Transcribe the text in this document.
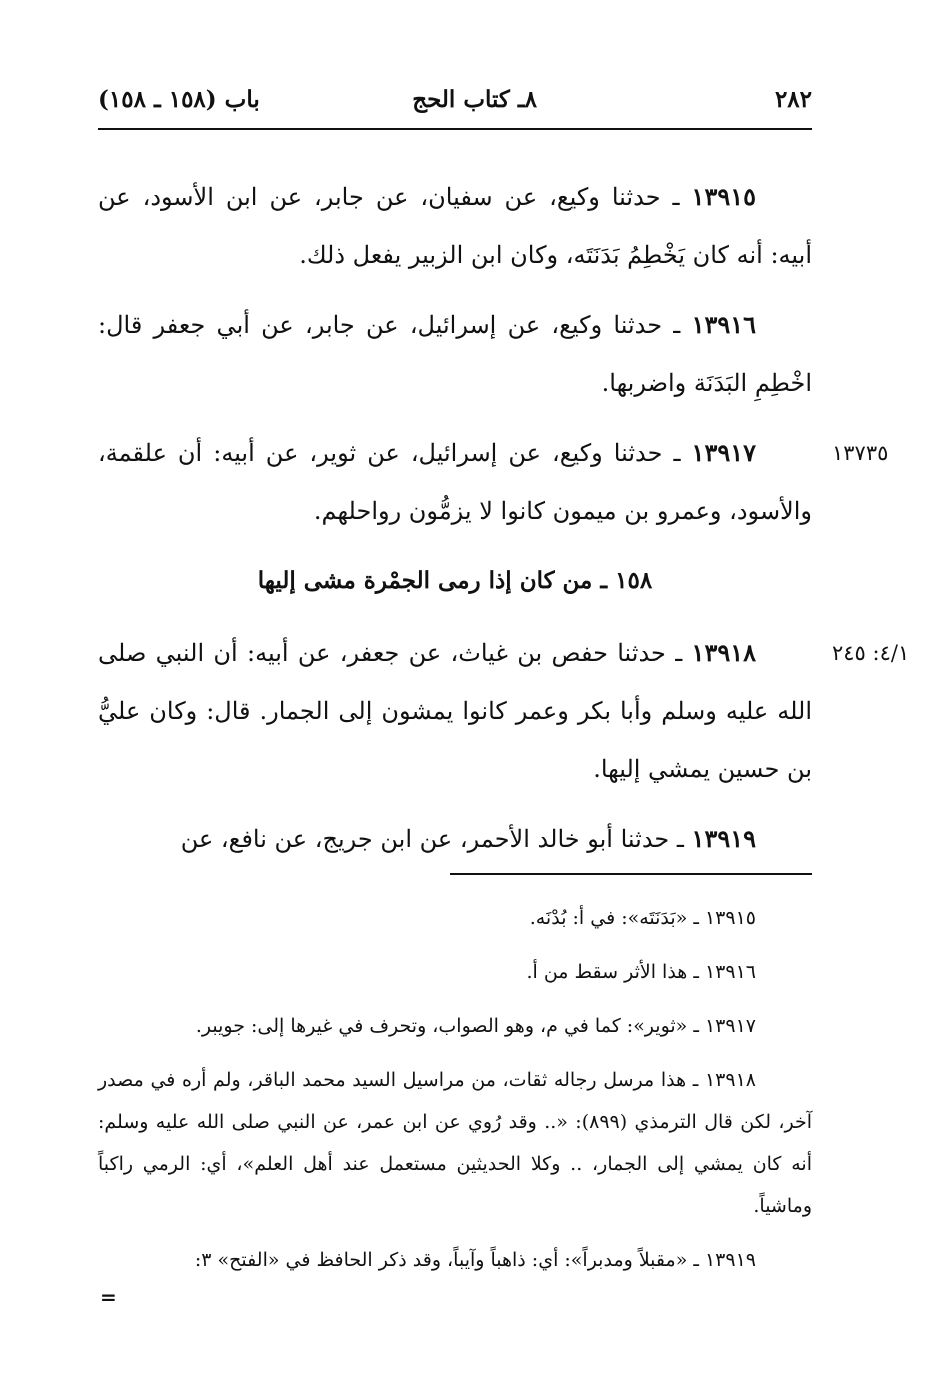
٢٨٢
٨ـ كتاب الحج
باب (١٥٨ ـ ١٥٨)

١٣٩١٥ ـ حدثنا وكيع، عن سفيان، عن جابر، عن ابن الأسود، عن أبيه: أنه كان يَخْطِمُ بَدَنَتَه، وكان ابن الزبير يفعل ذلك.

١٣٩١٦ ـ حدثنا وكيع، عن إسرائيل، عن جابر، عن أبي جعفر قال: اخْطِمِ البَدَنَة واضربها.

١٣٧٣٥
١٣٩١٧ ـ حدثنا وكيع، عن إسرائيل، عن ثوير، عن أبيه: أن علقمة، والأسود، وعمرو بن ميمون كانوا لا يزمُّون رواحلهم.

١٥٨ ـ من كان إذا رمى الجمْرة مشى إليها

٤/١: ٢٤٥
١٣٩١٨ ـ حدثنا حفص بن غياث، عن جعفر، عن أبيه: أن النبي صلى الله عليه وسلم وأبا بكر وعمر كانوا يمشون إلى الجمار. قال: وكان عليُّ بن حسين يمشي إليها.

١٣٩١٩ ـ حدثنا أبو خالد الأحمر، عن ابن جريج، عن نافع، عن

١٣٩١٥ ـ «بَدَنَتَه»: في أ: بُدْنَه.

١٣٩١٦ ـ هذا الأثر سقط من أ.

١٣٩١٧ ـ «ثوير»: كما في م، وهو الصواب، وتحرف في غيرها إلى: جويبر.

١٣٩١٨ ـ هذا مرسل رجاله ثقات، من مراسيل السيد محمد الباقر، ولم أره في مصدر آخر، لكن قال الترمذي (٨٩٩): «.. وقد رُوي عن ابن عمر، عن النبي صلى الله عليه وسلم: أنه كان يمشي إلى الجمار، .. وكلا الحديثين مستعمل عند أهل العلم»، أي: الرمي راكباً وماشياً.

١٣٩١٩ ـ «مقبلاً ومدبراً»: أي: ذاهباً وآيباً، وقد ذكر الحافظ في «الفتح» ٣:

=
